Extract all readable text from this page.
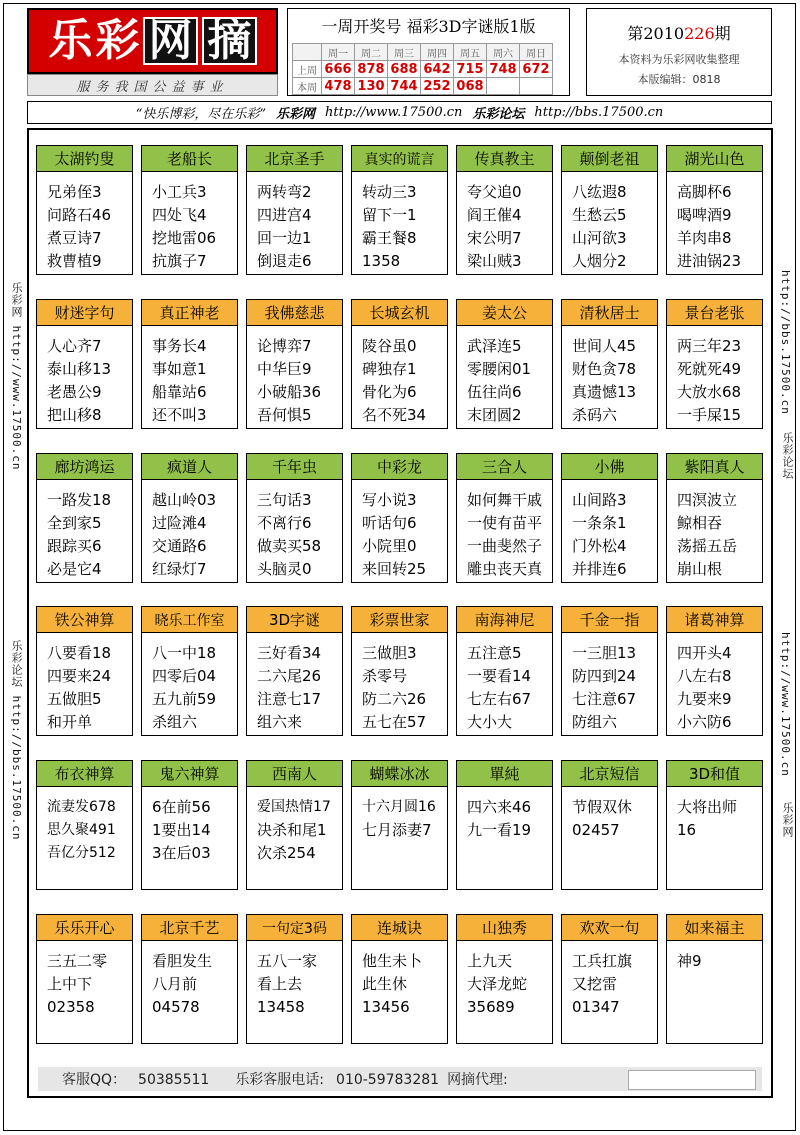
乐 彩 网 摘
服务我国公益事业
一周开奖号 福彩3D字谜版1版
	周一	周二	周三	周四	周五	周六	周日
上周	666	878	688	642	715	748	672
本周	478	130	744	252	068		
第2010226期
本资料为乐彩网收集整理
本版编辑：0818
“快乐博彩，尽在乐彩” 乐彩网 http://www.17500.cn 乐彩论坛 http://bbs.17500.cn
乐彩网 http://www.17500.cn
乐彩论坛 http://bbs.17500.cn
http://bbs.17500.cn
乐彩论坛
http://www.17500.cn
乐彩网
太湖钓叟
兄弟侄3
问路石46
煮豆诗7
救曹植9
老船长
小工兵3
四处飞4
挖地雷06
抗旗子7
北京圣手
两转弯2
四进宫4
回一边1
倒退走6
真实的谎言
转动三3
留下一1
霸王餐8
1358
传真教主
夸父追0
阎王催4
宋公明7
梁山贼3
颠倒老祖
八纮遐8
生愁云5
山河欲3
人烟分2
湖光山色
高脚杯6
喝啤酒9
羊肉串8
进油锅23
财迷字句
人心齐7
泰山移13
老愚公9
把山移8
真正神老
事务长4
事如意1
船靠站6
还不叫3
我佛慈悲
论博弈7
中华巨9
小破船36
吾何惧5
长城玄机
陵谷虽0
碑独存1
骨化为6
名不死34
姜太公
武泽连5
零腰闲01
伍往尚6
末团圆2
清秋居士
世间人45
财色贪78
真遗憾13
杀码六
景台老张
两三年23
死就死49
大放水68
一手屎15
廊坊鸿运
一路发18
全到家5
跟踪买6
必是它4
疯道人
越山岭03
过险滩4
交通路6
红绿灯7
千年虫
三句话3
不离行6
做卖买58
头脑灵0
中彩龙
写小说3
听话句6
小院里0
来回转25
三合人
如何舞干戚
一使有苗平
一曲斐然子
雕虫丧天真
小佛
山间路3
一条条1
门外松4
并排连6
紫阳真人
四溟波立
鲸相吞
荡摇五岳
崩山根
铁公神算
八要看18
四要来24
五做胆5
和开单
晓乐工作室
八一中18
四零后04
五九前59
杀组六
3D字谜
三好看34
二六尾26
注意七17
组六来
彩票世家
三做胆3
杀零号
防二六26
五七在57
南海神尼
五注意5
一要看14
七左右67
大小大
千金一指
一三胆13
防四到24
七注意67
防组六
诸葛神算
四开头4
八左右8
九要来9
小六防6
布衣神算
流妻发678
思久聚491
吾亿分512
鬼六神算
6在前56
1要出14
3在后03
西南人
爱国热情17
决杀和尾1
次杀254
蝴蝶冰冰
十六月圆16
七月添妻7
單純
四六来46
九一看19
北京短信
节假双休
02457
3D和值
大将出师
16
乐乐开心
三五二零
上中下
02358
北京千艺
看胆发生
八月前
04578
一句定3码
五八一家
看上去
13458
连城诀
他生未卜
此生休
13456
山独秀
上九天
大泽龙蛇
35689
欢欢一句
工兵扛旗
又挖雷
01347
如来福主
神9
客服QQ： 50385511	乐彩客服电话: 010-59783281 网摘代理:
